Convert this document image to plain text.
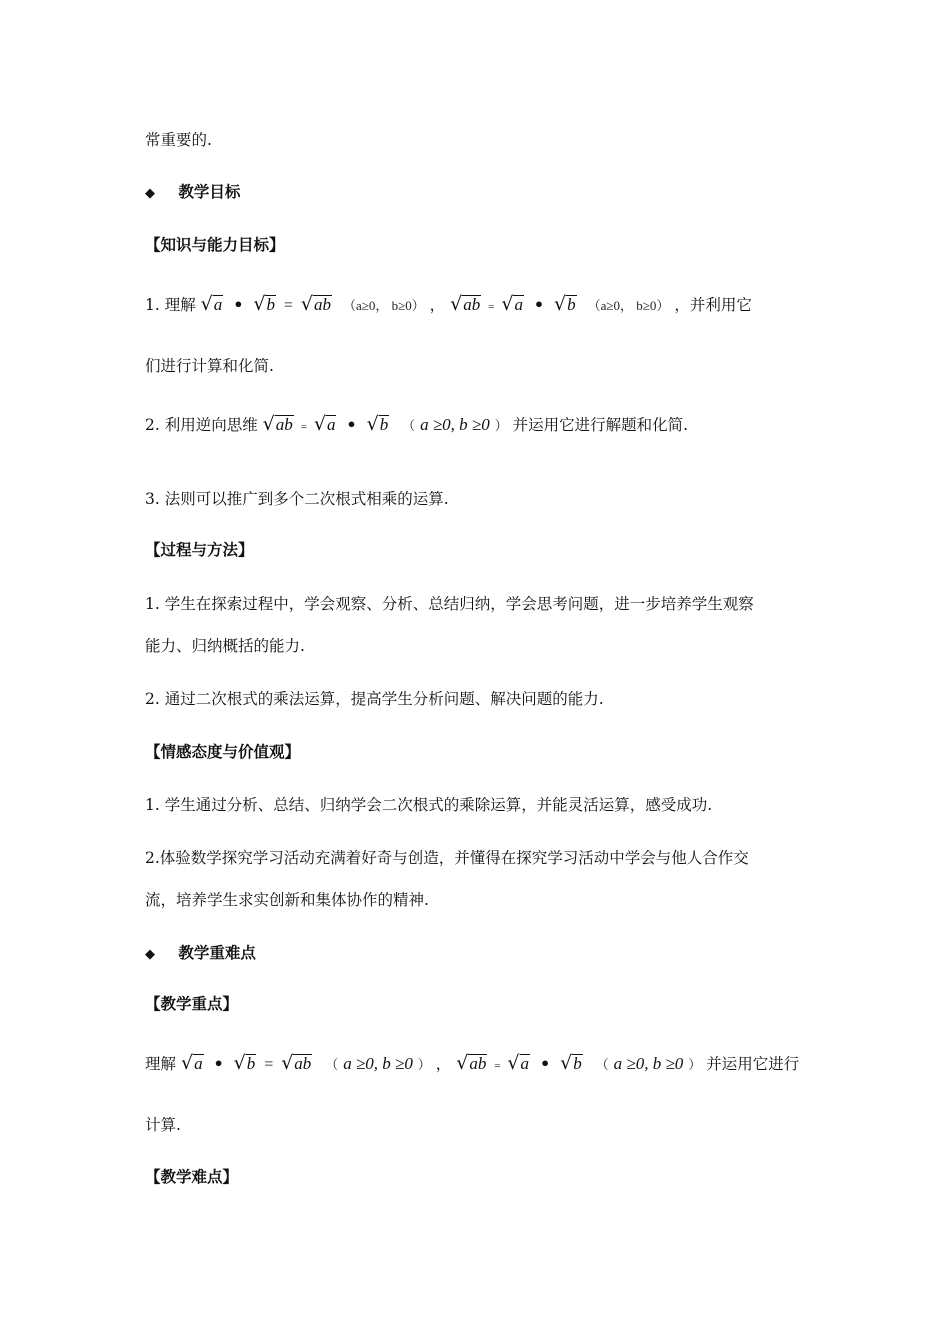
常重要的.
◆ 教学目标
【知识与能力目标】
1. 理解 √a • √b = √ab （a≥0， b≥0） ， √ab = √a • √b （a≥0， b≥0） ，并利用它
们进行计算和化简.
2. 利用逆向思维 √ab = √a • √b （ a ≥0, b ≥0 ） 并运用它进行解题和化简.
3. 法则可以推广到多个二次根式相乘的运算.
【过程与方法】
1. 学生在探索过程中，学会观察、分析、总结归纳，学会思考问题，进一步培养学生观察
能力、归纳概括的能力.
2. 通过二次根式的乘法运算，提高学生分析问题、解决问题的能力.
【情感态度与价值观】
1. 学生通过分析、总结、归纳学会二次根式的乘除运算，并能灵活运算，感受成功.
2.体验数学探究学习活动充满着好奇与创造，并懂得在探究学习活动中学会与他人合作交
流，培养学生求实创新和集体协作的精神.
◆ 教学重难点
【教学重点】
理解 √a • √b = √ab （ a ≥0, b ≥0 ） ， √ab = √a • √b （ a ≥0, b ≥0 ） 并运用它进行
计算.
【教学难点】
